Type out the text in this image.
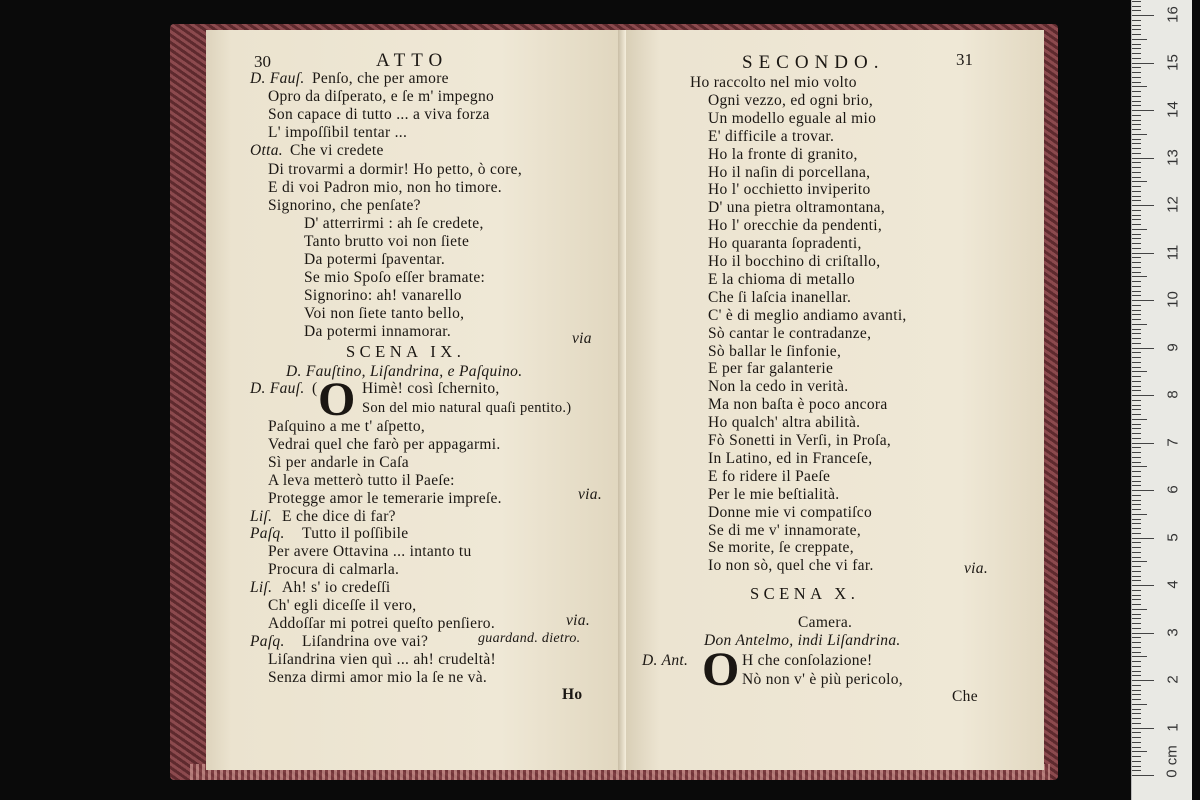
30	ATTO
D. Fauſ. Penſo, che per amore
Opro da diſperato, e ſe m' impegno
Son capace di tutto ... a viva forza
L' impoſſibil tentar ...
Otta. Che vi credete
Di trovarmi a dormir! Ho petto, ò core,
E di voi Padron mio, non ho timore.
Signorino, che penſate?
D' atterrirmi : ah ſe credete,
Tanto brutto voi non ſiete
Da potermi ſpaventar.
Se mio Spoſo eſſer bramate:
Signorino: ah! vanarello
Voi non ſiete tanto bello,
Da potermi innamorar.	via
SCENA IX.
D. Fauſtino, Liſandrina, e Paſquino.
D. Fauſ. ( O Himè! così ſchernito,
Son del mio natural quaſi pentito.)
Paſquino a me t' aſpetto,
Vedrai quel che farò per appagarmi.
Sì per andarle in Caſa
A leva metterò tutto il Paeſe:
Protegge amor le temerarie impreſe.
Liſ. E che dice di far?
Paſq. Tutto il poſſibile
Per avere Ottavina ... intanto tu
Procura di calmarla.
Liſ. Ah! s' io credeſſi
Ch' egli diceſſe il vero,
Addoſſar mi potrei queſto penſiero.
Paſq. Liſandrina ove vai?
Liſandrina vien quì ... ah! crudeltà!
Senza dirmi amor mio la ſe ne và.
via.
via.
guardand. dietro.
Ho
SECONDO.	31
Ho raccolto nel mio volto
Ogni vezzo, ed ogni brio,
Un modello eguale al mio
E' difficile a trovar.
Ho la fronte di granito,
Ho il naſin di porcellana,
Ho l' occhietto inviperito
D' una pietra oltramontana,
Ho l' orecchie da pendenti,
Ho quaranta ſopradenti,
Ho il bocchino di criſtallo,
E la chioma di metallo
Che ſi laſcia inanellar.
C' è di meglio andiamo avanti,
Sò cantar le contradanze,
Sò ballar le ſinfonie,
E per far galanterie
Non la cedo in verità.
Ma non baſta è poco ancora
Ho qualch' altra abilità.
Fò Sonetti in Verſi, in Proſa,
In Latino, ed in Franceſe,
E fo ridere il Paeſe
Per le mie beſtialità.
Donne mie vi compatiſco
Se di me v' innamorate,
Se morite, ſe creppate,
Io non sò, quel che vi far.	via.
SCENA X.
Camera.
Don Antelmo, indi Liſandrina.
D. Ant. O H che conſolazione!
Nò non v' è più pericolo,
Che
0 cm
1
2
3
4
5
6
7
8
9
10
11
12
13
14
15
16
